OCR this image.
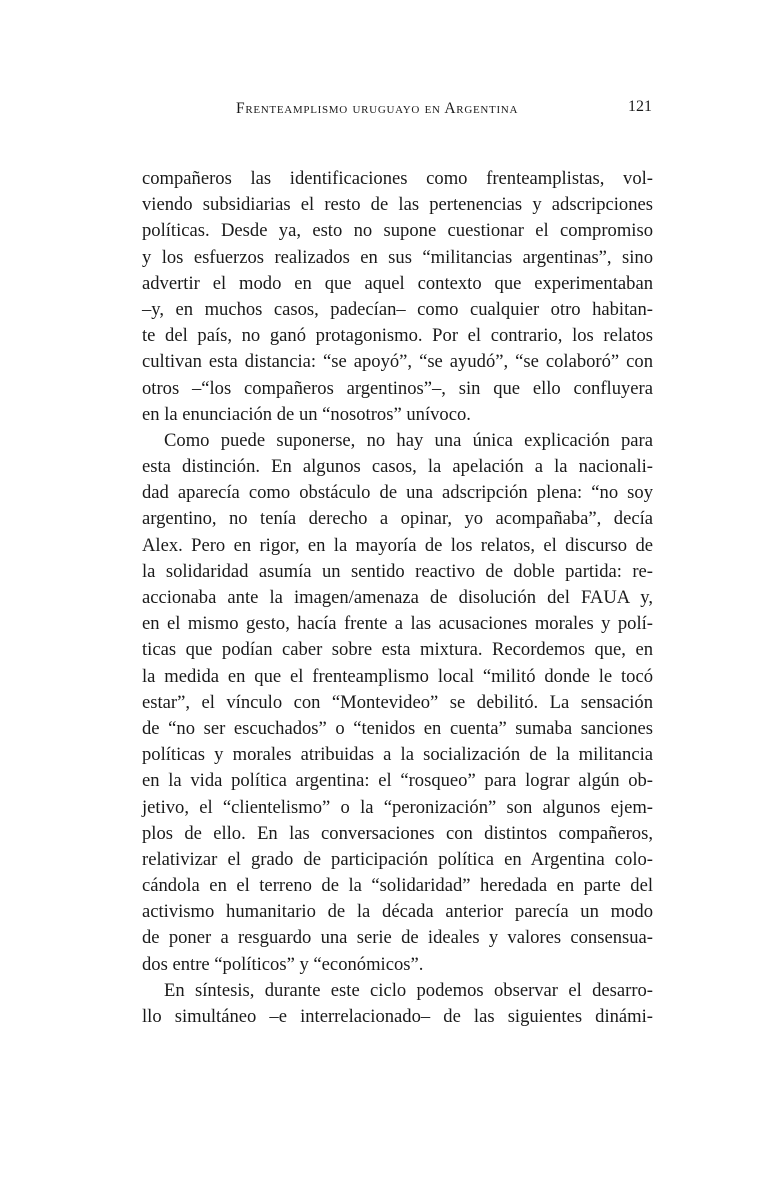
Frenteamplismo uruguayo en Argentina	121
compañeros las identificaciones como frenteamplistas, vol-
viendo subsidiarias el resto de las pertenencias y adscripciones
políticas. Desde ya, esto no supone cuestionar el compromiso
y los esfuerzos realizados en sus “militancias argentinas”, sino
advertir el modo en que aquel contexto que experimentaban
–y, en muchos casos, padecían– como cualquier otro habitan-
te del país, no ganó protagonismo. Por el contrario, los relatos
cultivan esta distancia: “se apoyó”, “se ayudó”, “se colaboró” con
otros –“los compañeros argentinos”–, sin que ello confluyera
en la enunciación de un “nosotros” unívoco.
Como puede suponerse, no hay una única explicación para
esta distinción. En algunos casos, la apelación a la nacionali-
dad aparecía como obstáculo de una adscripción plena: “no soy
argentino, no tenía derecho a opinar, yo acompañaba”, decía
Alex. Pero en rigor, en la mayoría de los relatos, el discurso de
la solidaridad asumía un sentido reactivo de doble partida: re-
accionaba ante la imagen/amenaza de disolución del FAUA y,
en el mismo gesto, hacía frente a las acusaciones morales y polí-
ticas que podían caber sobre esta mixtura. Recordemos que, en
la medida en que el frenteamplismo local “militó donde le tocó
estar”, el vínculo con “Montevideo” se debilitó. La sensación
de “no ser escuchados” o “tenidos en cuenta” sumaba sanciones
políticas y morales atribuidas a la socialización de la militancia
en la vida política argentina: el “rosqueo” para lograr algún ob-
jetivo, el “clientelismo” o la “peronización” son algunos ejem-
plos de ello. En las conversaciones con distintos compañeros,
relativizar el grado de participación política en Argentina colo-
cándola en el terreno de la “solidaridad” heredada en parte del
activismo humanitario de la década anterior parecía un modo
de poner a resguardo una serie de ideales y valores consensua-
dos entre “políticos” y “económicos”.
En síntesis, durante este ciclo podemos observar el desarro-
llo simultáneo –e interrelacionado– de las siguientes dinámi-
